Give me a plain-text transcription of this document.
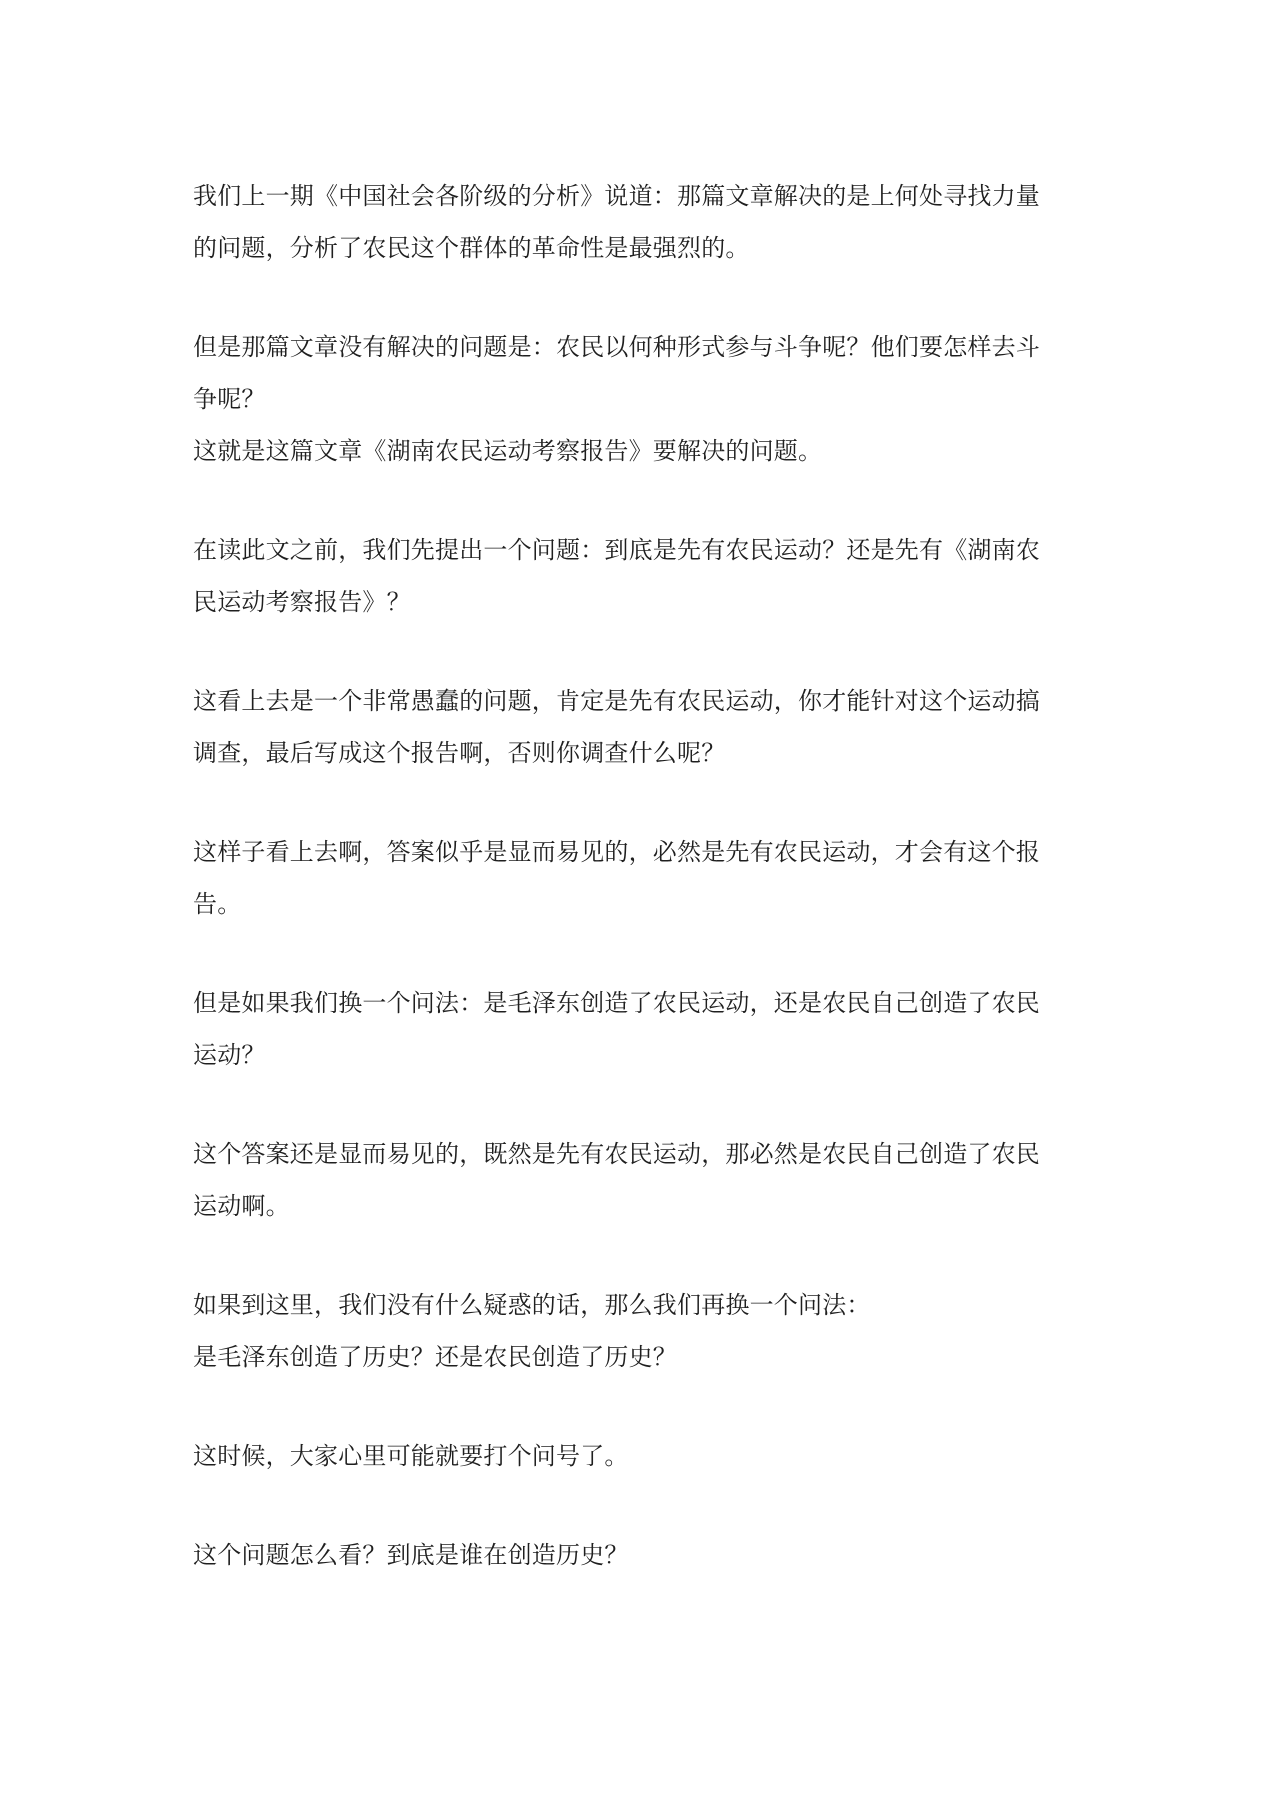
我们上一期《中国社会各阶级的分析》说道：那篇文章解决的是上何处寻找力量
的问题，分析了农民这个群体的革命性是最强烈的。
但是那篇文章没有解决的问题是：农民以何种形式参与斗争呢？他们要怎样去斗
争呢？
这就是这篇文章《湖南农民运动考察报告》要解决的问题。
在读此文之前，我们先提出一个问题：到底是先有农民运动？还是先有《湖南农
民运动考察报告》？
这看上去是一个非常愚蠢的问题，肯定是先有农民运动，你才能针对这个运动搞
调查，最后写成这个报告啊，否则你调查什么呢？
这样子看上去啊，答案似乎是显而易见的，必然是先有农民运动，才会有这个报
告。
但是如果我们换一个问法：是毛泽东创造了农民运动，还是农民自己创造了农民
运动？
这个答案还是显而易见的，既然是先有农民运动，那必然是农民自己创造了农民
运动啊。
如果到这里，我们没有什么疑惑的话，那么我们再换一个问法：
是毛泽东创造了历史？还是农民创造了历史？
这时候，大家心里可能就要打个问号了。
这个问题怎么看？到底是谁在创造历史？
